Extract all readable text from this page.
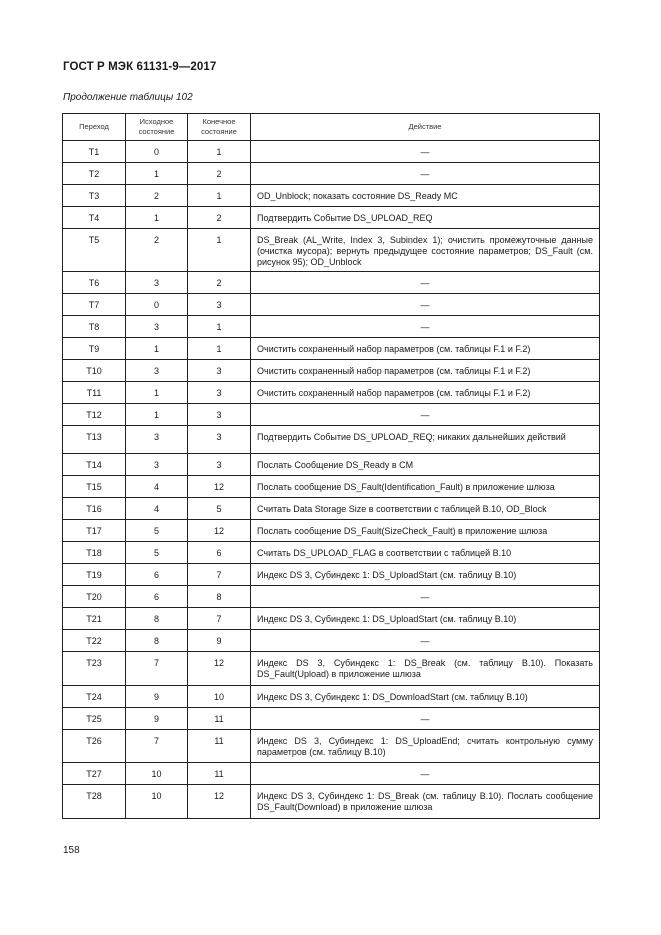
ГОСТ Р МЭК 61131-9—2017
Продолжение таблицы 102
Переход	Исходное состояние	Конечное состояние	Действие
T1	0	1	—
T2	1	2	—
T3	2	1	OD_Unblock; показать состояние DS_Ready MC
T4	1	2	Подтвердить Событие DS_UPLOAD_REQ
T5	2	1	DS_Break (AL_Write, Index 3, Subindex 1); очистить промежуточные данные (очистка мусора); вернуть предыдущее состояние параметров; DS_Fault (см. рисунок 95); OD_Unblock
T6	3	2	—
T7	0	3	—
T8	3	1	—
T9	1	1	Очистить сохраненный набор параметров (см. таблицы F.1 и F.2)
T10	3	3	Очистить сохраненный набор параметров (см. таблицы F.1 и F.2)
T11	1	3	Очистить сохраненный набор параметров (см. таблицы F.1 и F.2)
T12	1	3	—
T13	3	3	Подтвердить Событие DS_UPLOAD_REQ; никаких дальнейших действий
T14	3	3	Послать Сообщение DS_Ready в CM
T15	4	12	Послать сообщение DS_Fault(Identification_Fault) в приложение шлюза
T16	4	5	Считать Data Storage Size в соответствии с таблицей B.10, OD_Block
T17	5	12	Послать сообщение DS_Fault(SizeCheck_Fault) в приложение шлюза
T18	5	6	Считать DS_UPLOAD_FLAG в соответствии с таблицей B.10
T19	6	7	Индекс DS 3, Субиндекс 1: DS_UploadStart (см. таблицу B.10)
T20	6	8	—
T21	8	7	Индекс DS 3, Субиндекс 1: DS_UploadStart (см. таблицу B.10)
T22	8	9	—
T23	7	12	Индекс DS 3, Субиндекс 1: DS_Break (см. таблицу B.10). Показать DS_Fault(Upload) в приложение шлюза
T24	9	10	Индекс DS 3, Субиндекс 1: DS_DownloadStart (см. таблицу B.10)
T25	9	11	—
T26	7	11	Индекс DS 3, Субиндекс 1: DS_UploadEnd; считать контрольную сумму параметров (см. таблицу B.10)
T27	10	11	—
T28	10	12	Индекс DS 3, Субиндекс 1: DS_Break (см. таблицу B.10). Послать сообщение DS_Fault(Download) в приложение шлюза
158
